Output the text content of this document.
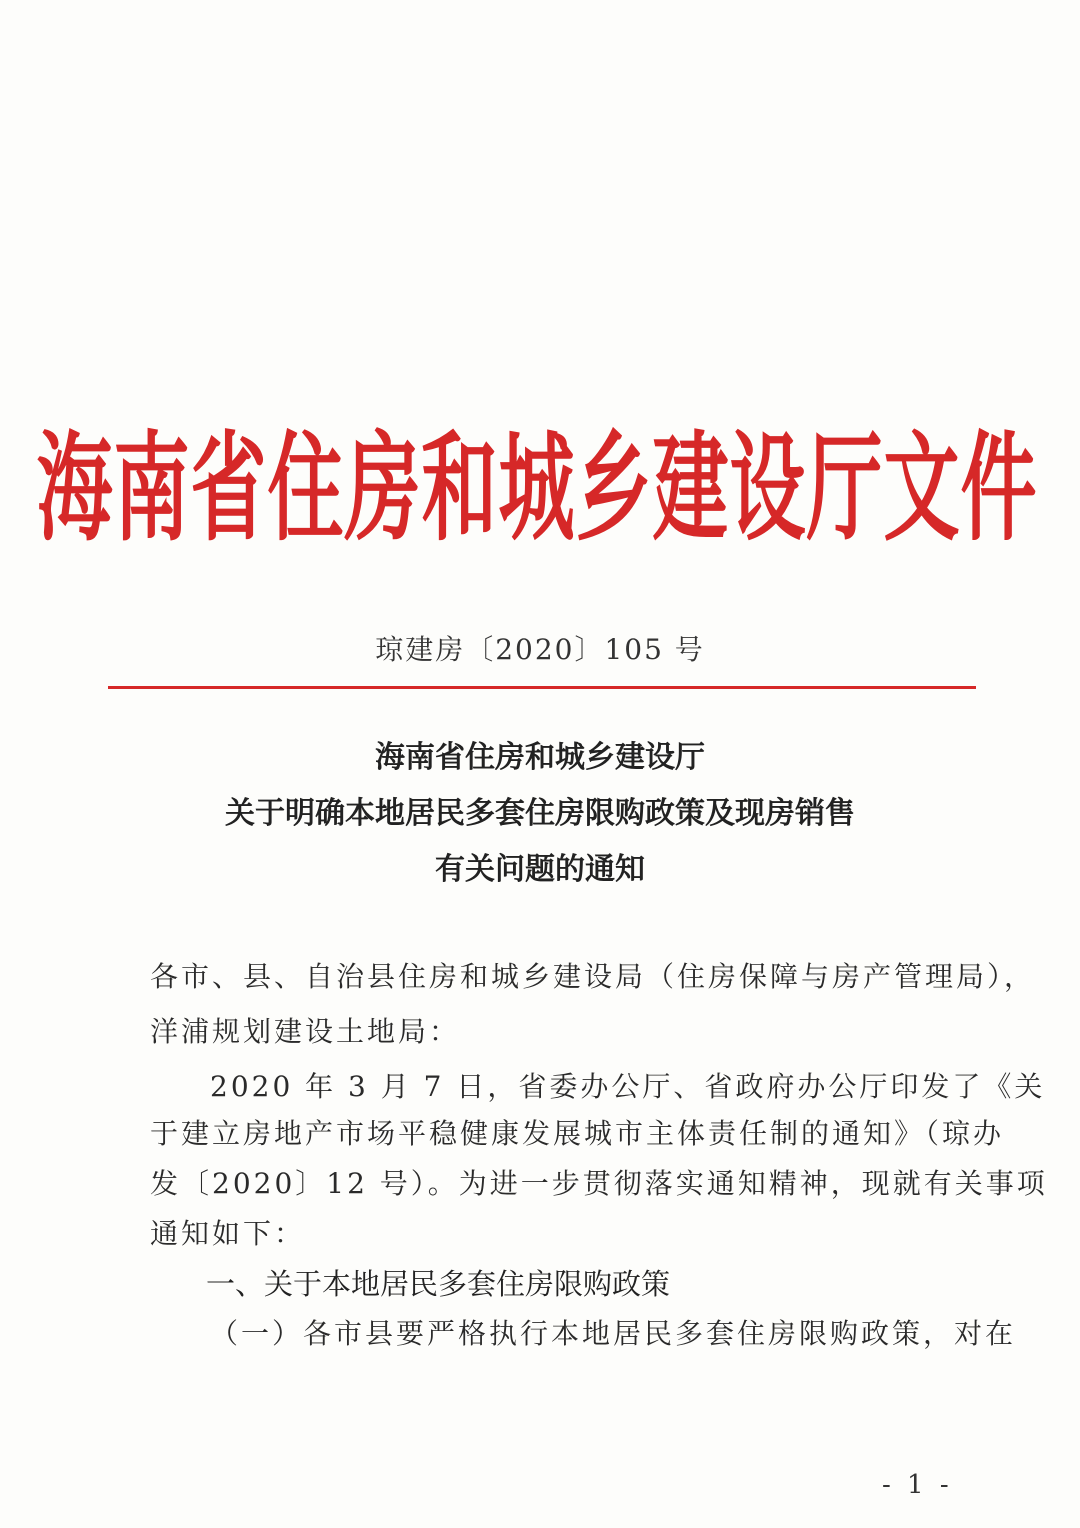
海南省住房和城乡建设厅文件
琼建房〔2020〕105 号
海南省住房和城乡建设厅
关于明确本地居民多套住房限购政策及现房销售
有关问题的通知
各市、县、自治县住房和城乡建设局（住房保障与房产管理局），
洋浦规划建设土地局：
2020 年 3 月 7 日，省委办公厅、省政府办公厅印发了《关
于建立房地产市场平稳健康发展城市主体责任制的通知》（琼办
发〔2020〕12 号）。为进一步贯彻落实通知精神，现就有关事项
通知如下：
一、关于本地居民多套住房限购政策
（一）各市县要严格执行本地居民多套住房限购政策，对在
- 1 -
